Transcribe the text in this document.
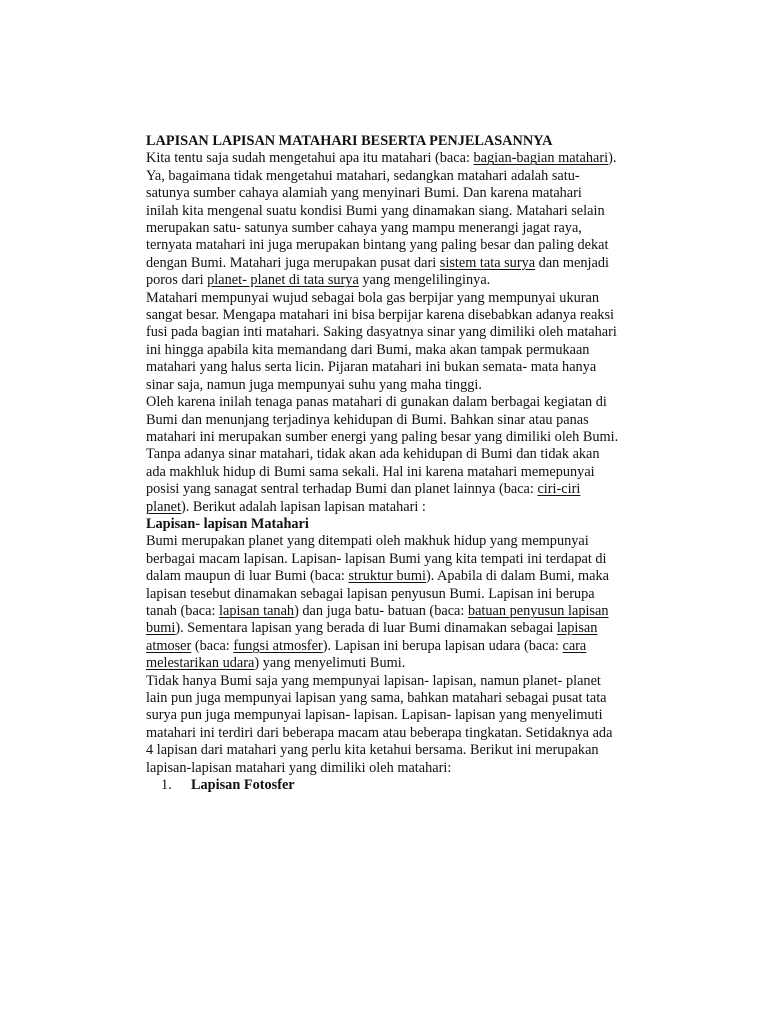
LAPISAN LAPISAN MATAHARI BESERTA PENJELASANNYA
Kita tentu saja sudah mengetahui apa itu matahari (baca: bagian-bagian matahari).
Ya, bagaimana tidak mengetahui matahari, sedangkan matahari adalah satu-
satunya sumber cahaya alamiah yang menyinari Bumi. Dan karena matahari
inilah kita mengenal suatu kondisi Bumi yang dinamakan siang. Matahari selain
merupakan satu- satunya sumber cahaya yang mampu menerangi jagat raya,
ternyata matahari ini juga merupakan bintang yang paling besar dan paling dekat
dengan Bumi. Matahari juga merupakan pusat dari sistem tata surya dan menjadi
poros dari planet- planet di tata surya yang mengelilinginya.
Matahari mempunyai wujud sebagai bola gas berpijar yang mempunyai ukuran
sangat besar. Mengapa matahari ini bisa berpijar karena disebabkan adanya reaksi
fusi pada bagian inti matahari. Saking dasyatnya sinar yang dimiliki oleh matahari
ini hingga apabila kita memandang dari Bumi, maka akan tampak permukaan
matahari yang halus serta licin. Pijaran matahari ini bukan semata- mata hanya
sinar saja, namun juga mempunyai suhu yang maha tinggi.
Oleh karena inilah tenaga panas matahari di gunakan dalam berbagai kegiatan di
Bumi dan menunjang terjadinya kehidupan di Bumi. Bahkan sinar atau panas
matahari ini merupakan sumber energi yang paling besar yang dimiliki oleh Bumi.
Tanpa adanya sinar matahari, tidak akan ada kehidupan di Bumi dan tidak akan
ada makhluk hidup di Bumi sama sekali. Hal ini karena matahari memepunyai
posisi yang sanagat sentral terhadap Bumi dan planet lainnya (baca: ciri-ciri
planet). Berikut adalah lapisan lapisan matahari :
Lapisan- lapisan Matahari
Bumi merupakan planet yang ditempati oleh makhuk hidup yang mempunyai
berbagai macam lapisan. Lapisan- lapisan Bumi yang kita tempati ini terdapat di
dalam maupun di luar Bumi (baca: struktur bumi). Apabila di dalam Bumi, maka
lapisan tesebut dinamakan sebagai lapisan penyusun Bumi. Lapisan ini berupa
tanah (baca: lapisan tanah) dan juga batu- batuan (baca: batuan penyusun lapisan
bumi). Sementara lapisan yang berada di luar Bumi dinamakan sebagai lapisan
atmoser (baca: fungsi atmosfer). Lapisan ini berupa lapisan udara (baca: cara
melestarikan udara) yang menyelimuti Bumi.
Tidak hanya Bumi saja yang mempunyai lapisan- lapisan, namun planet- planet
lain pun juga mempunyai lapisan yang sama, bahkan matahari sebagai pusat tata
surya pun juga mempunyai lapisan- lapisan. Lapisan- lapisan yang menyelimuti
matahari ini terdiri dari beberapa macam atau beberapa tingkatan. Setidaknya ada
4 lapisan dari matahari yang perlu kita ketahui bersama. Berikut ini merupakan
lapisan-lapisan matahari yang dimiliki oleh matahari:
1. Lapisan Fotosfer
